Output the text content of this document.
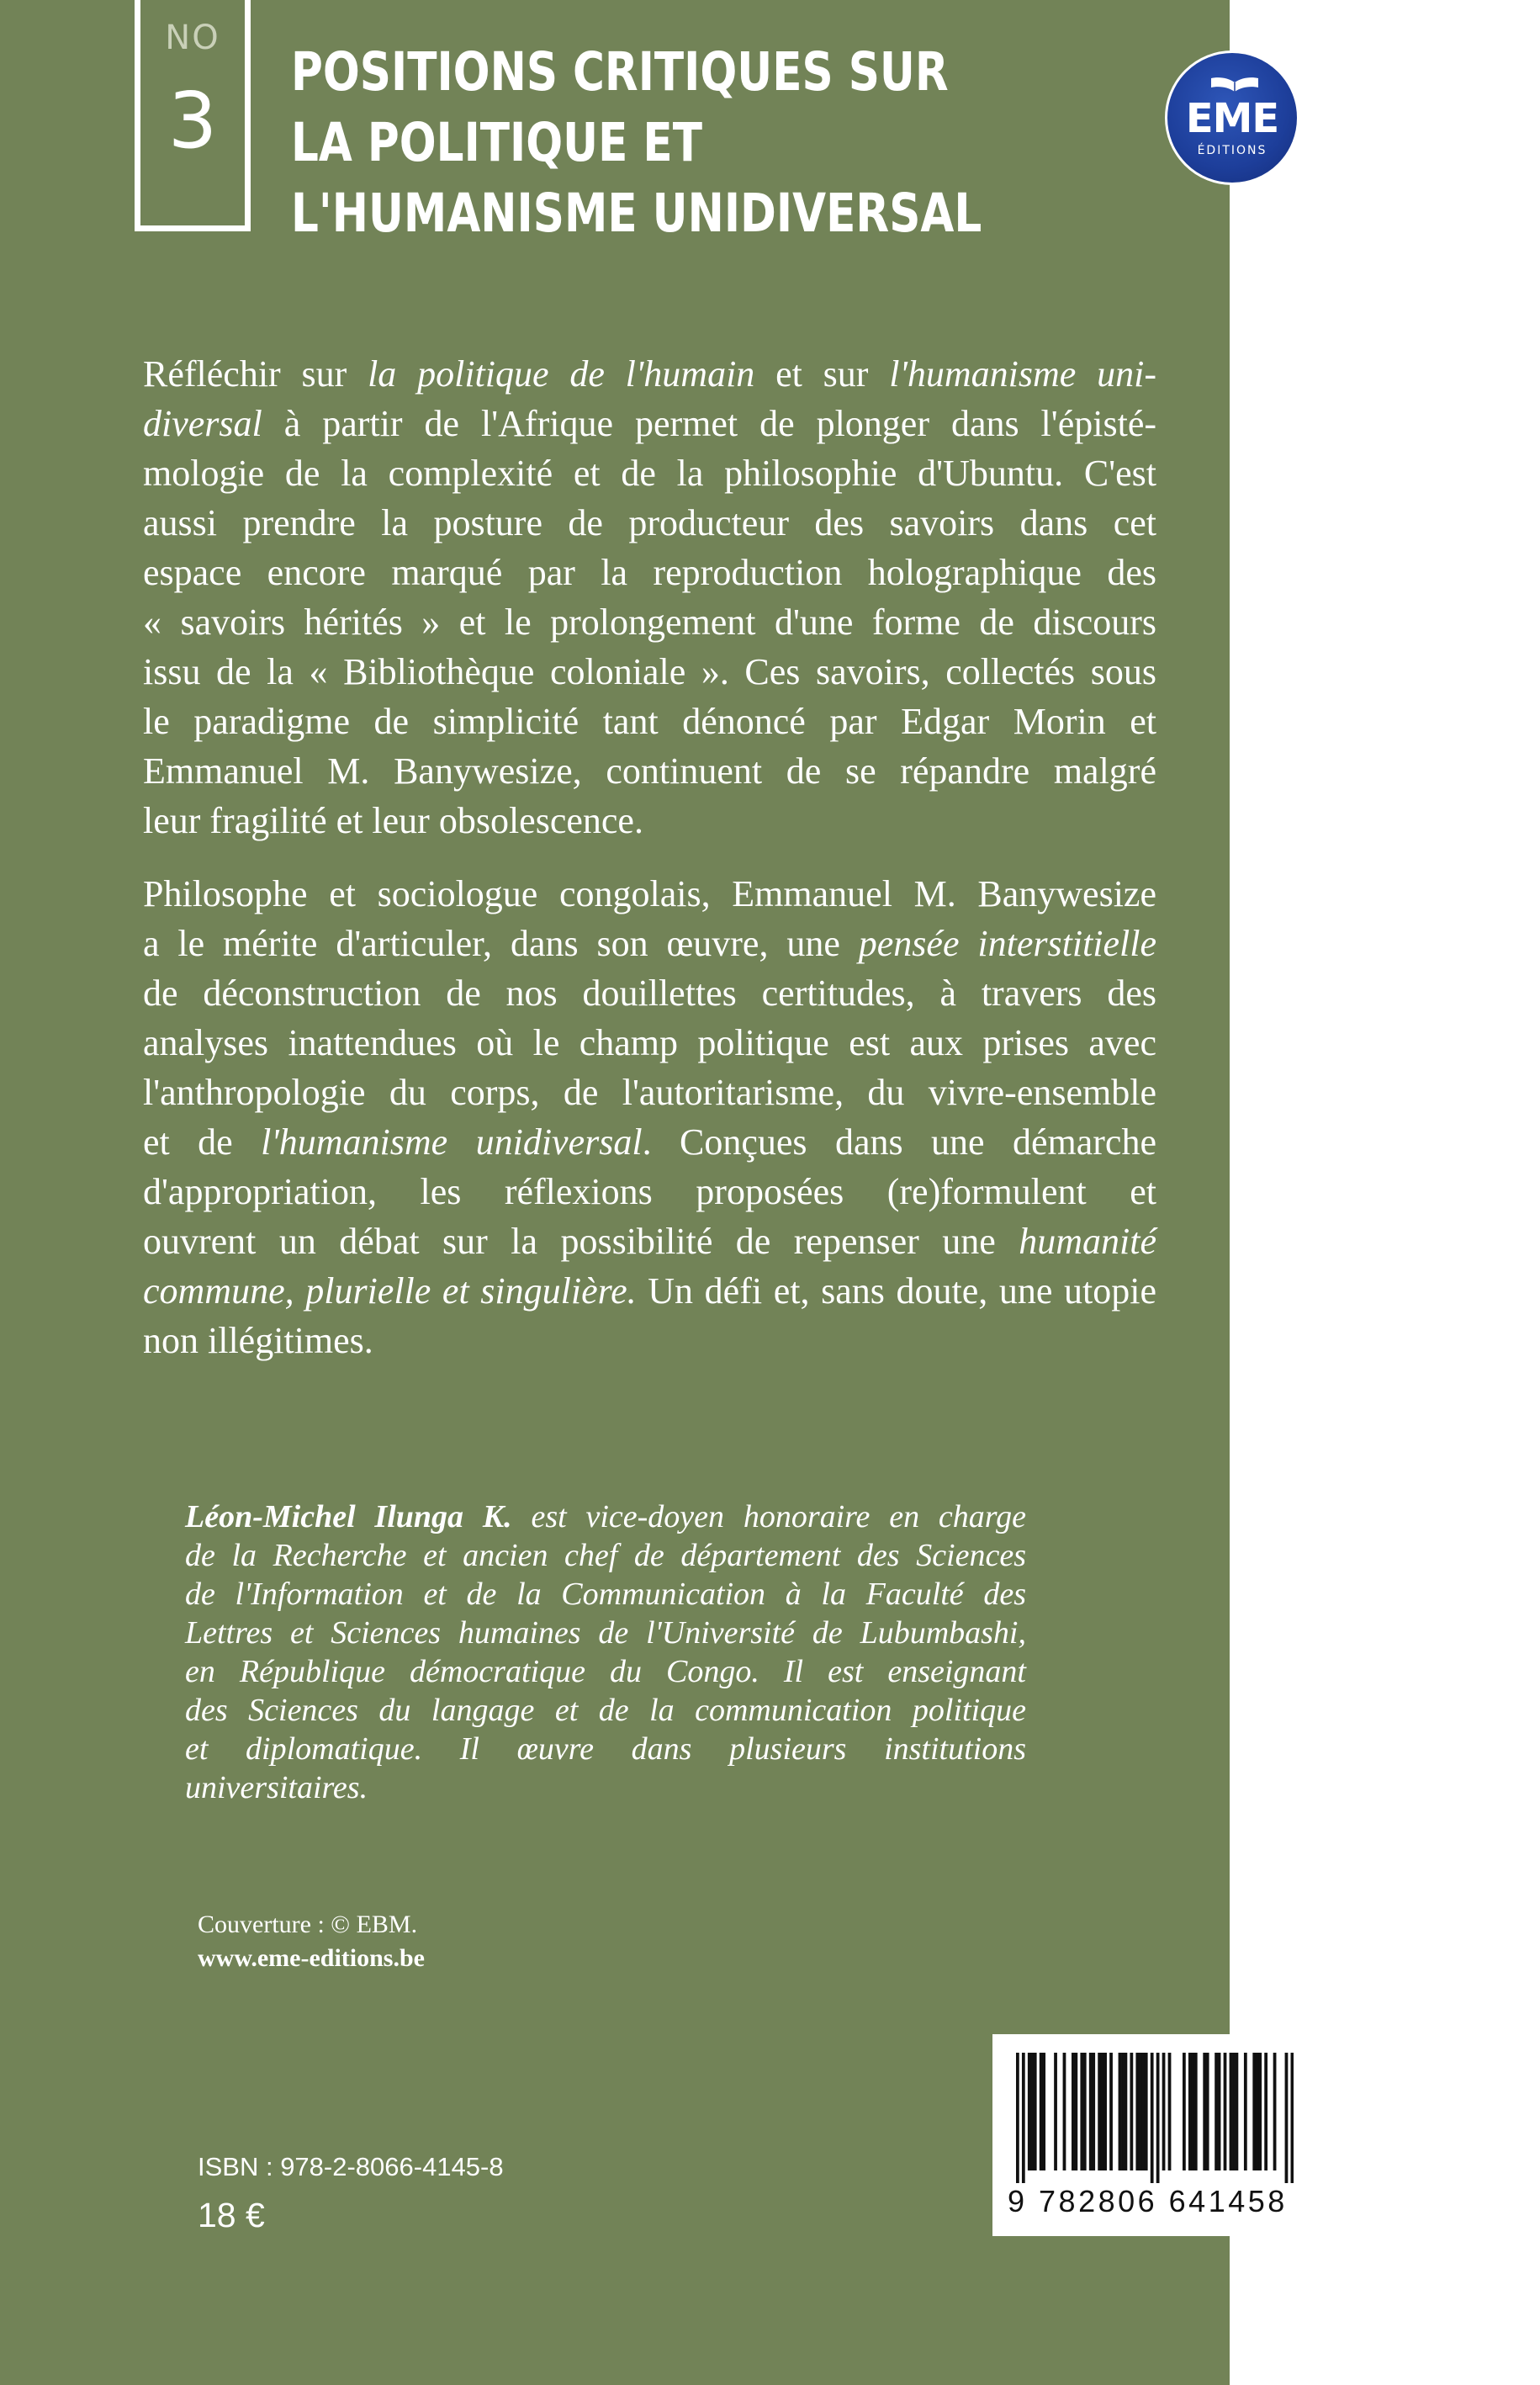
NO
3
POSITIONS CRITIQUES SUR
LA POLITIQUE ET
L'HUMANISME UNIDIVERSAL
Réfléchir sur la politique de l'humain et sur l'humanisme uni-
diversal à partir de l'Afrique permet de plonger dans l'épisté-
mologie de la complexité et de la philosophie d'Ubuntu. C'est
aussi prendre la posture de producteur des savoirs dans cet
espace encore marqué par la reproduction holographique des
« savoirs hérités » et le prolongement d'une forme de discours
issu de la « Bibliothèque coloniale ». Ces savoirs, collectés sous
le paradigme de simplicité tant dénoncé par Edgar Morin et
Emmanuel M. Banywesize, continuent de se répandre malgré
leur fragilité et leur obsolescence.
Philosophe et sociologue congolais, Emmanuel M. Banywesize
a le mérite d'articuler, dans son œuvre, une pensée interstitielle
de déconstruction de nos douillettes certitudes, à travers des
analyses inattendues où le champ politique est aux prises avec
l'anthropologie du corps, de l'autoritarisme, du vivre-ensemble
et de l'humanisme unidiversal. Conçues dans une démarche
d'appropriation, les réflexions proposées (re)formulent et
ouvrent un débat sur la possibilité de repenser une humanité
commune, plurielle et singulière. Un défi et, sans doute, une utopie
non illégitimes.
Léon-Michel Ilunga K. est vice-doyen honoraire en charge
de la Recherche et ancien chef de département des Sciences
de l'Information et de la Communication à la Faculté des
Lettres et Sciences humaines de l'Université de Lubumbashi,
en République démocratique du Congo. Il est enseignant
des Sciences du langage et de la communication politique
et diplomatique. Il œuvre dans plusieurs institutions
universitaires.
Couverture : © EBM.
www.eme-editions.be
ISBN : 978-2-8066-4145-8
18 €
EME
ÉDITIONS
9 782806 641458
